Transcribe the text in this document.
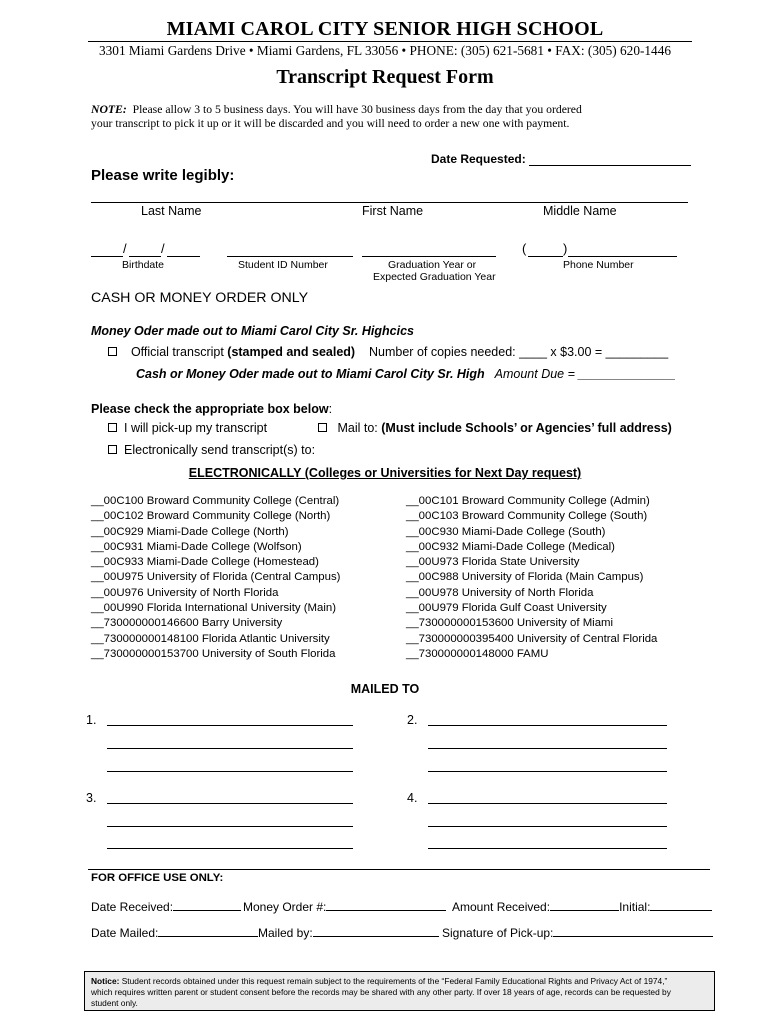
MIAMI CAROL CITY SENIOR HIGH SCHOOL
3301 Miami Gardens Drive • Miami Gardens, FL 33056 • PHONE: (305) 621-5681 • FAX: (305) 620-1446
Transcript Request Form
NOTE: Please allow 3 to 5 business days. You will have 30 business days from the day that you ordered
your transcript to pick it up or it will be discarded and you will need to order a new one with payment.
Date Requested:
Please write legibly:
Last Name	First Name	Middle Name
/	/
Birthdate	Student ID Number	Graduation Year or
Expected Graduation Year
(	)
Phone Number
CASH OR MONEY ORDER ONLY
Money Oder made out to Miami Carol City Sr. Highcics
Official transcript (stamped and sealed) Number of copies needed: ____ x $3.00 = _________
Cash or Money Oder made out to Miami Carol City Sr. High Amount Due = ______________
Please check the appropriate box below:
I will pick-up my transcript	Mail to: (Must include Schools’ or Agencies’ full address)
Electronically send transcript(s) to:
ELECTRONICALLY (Colleges or Universities for Next Day request)
__00C100 Broward Community College (Central)
__00C102 Broward Community College (North)
__00C929 Miami-Dade College (North)
__00C931 Miami-Dade College (Wolfson)
__00C933 Miami-Dade College (Homestead)
__00U975 University of Florida (Central Campus)
__00U976 University of North Florida
__00U990 Florida International University (Main)
__730000000146600 Barry University
__730000000148100 Florida Atlantic University
__730000000153700 University of South Florida
__00C101 Broward Community College (Admin)
__00C103 Broward Community College (South)
__00C930 Miami-Dade College (South)
__00C932 Miami-Dade College (Medical)
__00U973 Florida State University
__00C988 University of Florida (Main Campus)
__00U978 University of North Florida
__00U979 Florida Gulf Coast University
__730000000153600 University of Miami
__730000000395400 University of Central Florida
__730000000148000 FAMU
MAILED TO
1.	2.
3.	4.
FOR OFFICE USE ONLY:
Date Received:	Money Order #:	Amount Received:	Initial:
Date Mailed:	Mailed by:	Signature of Pick-up:
Notice: Student records obtained under this request remain subject to the requirements of the “Federal Family Educational Rights and Privacy Act of 1974,”
which requires written parent or student consent before the records may be shared with any other party. If over 18 years of age, records can be requested by
student only.
